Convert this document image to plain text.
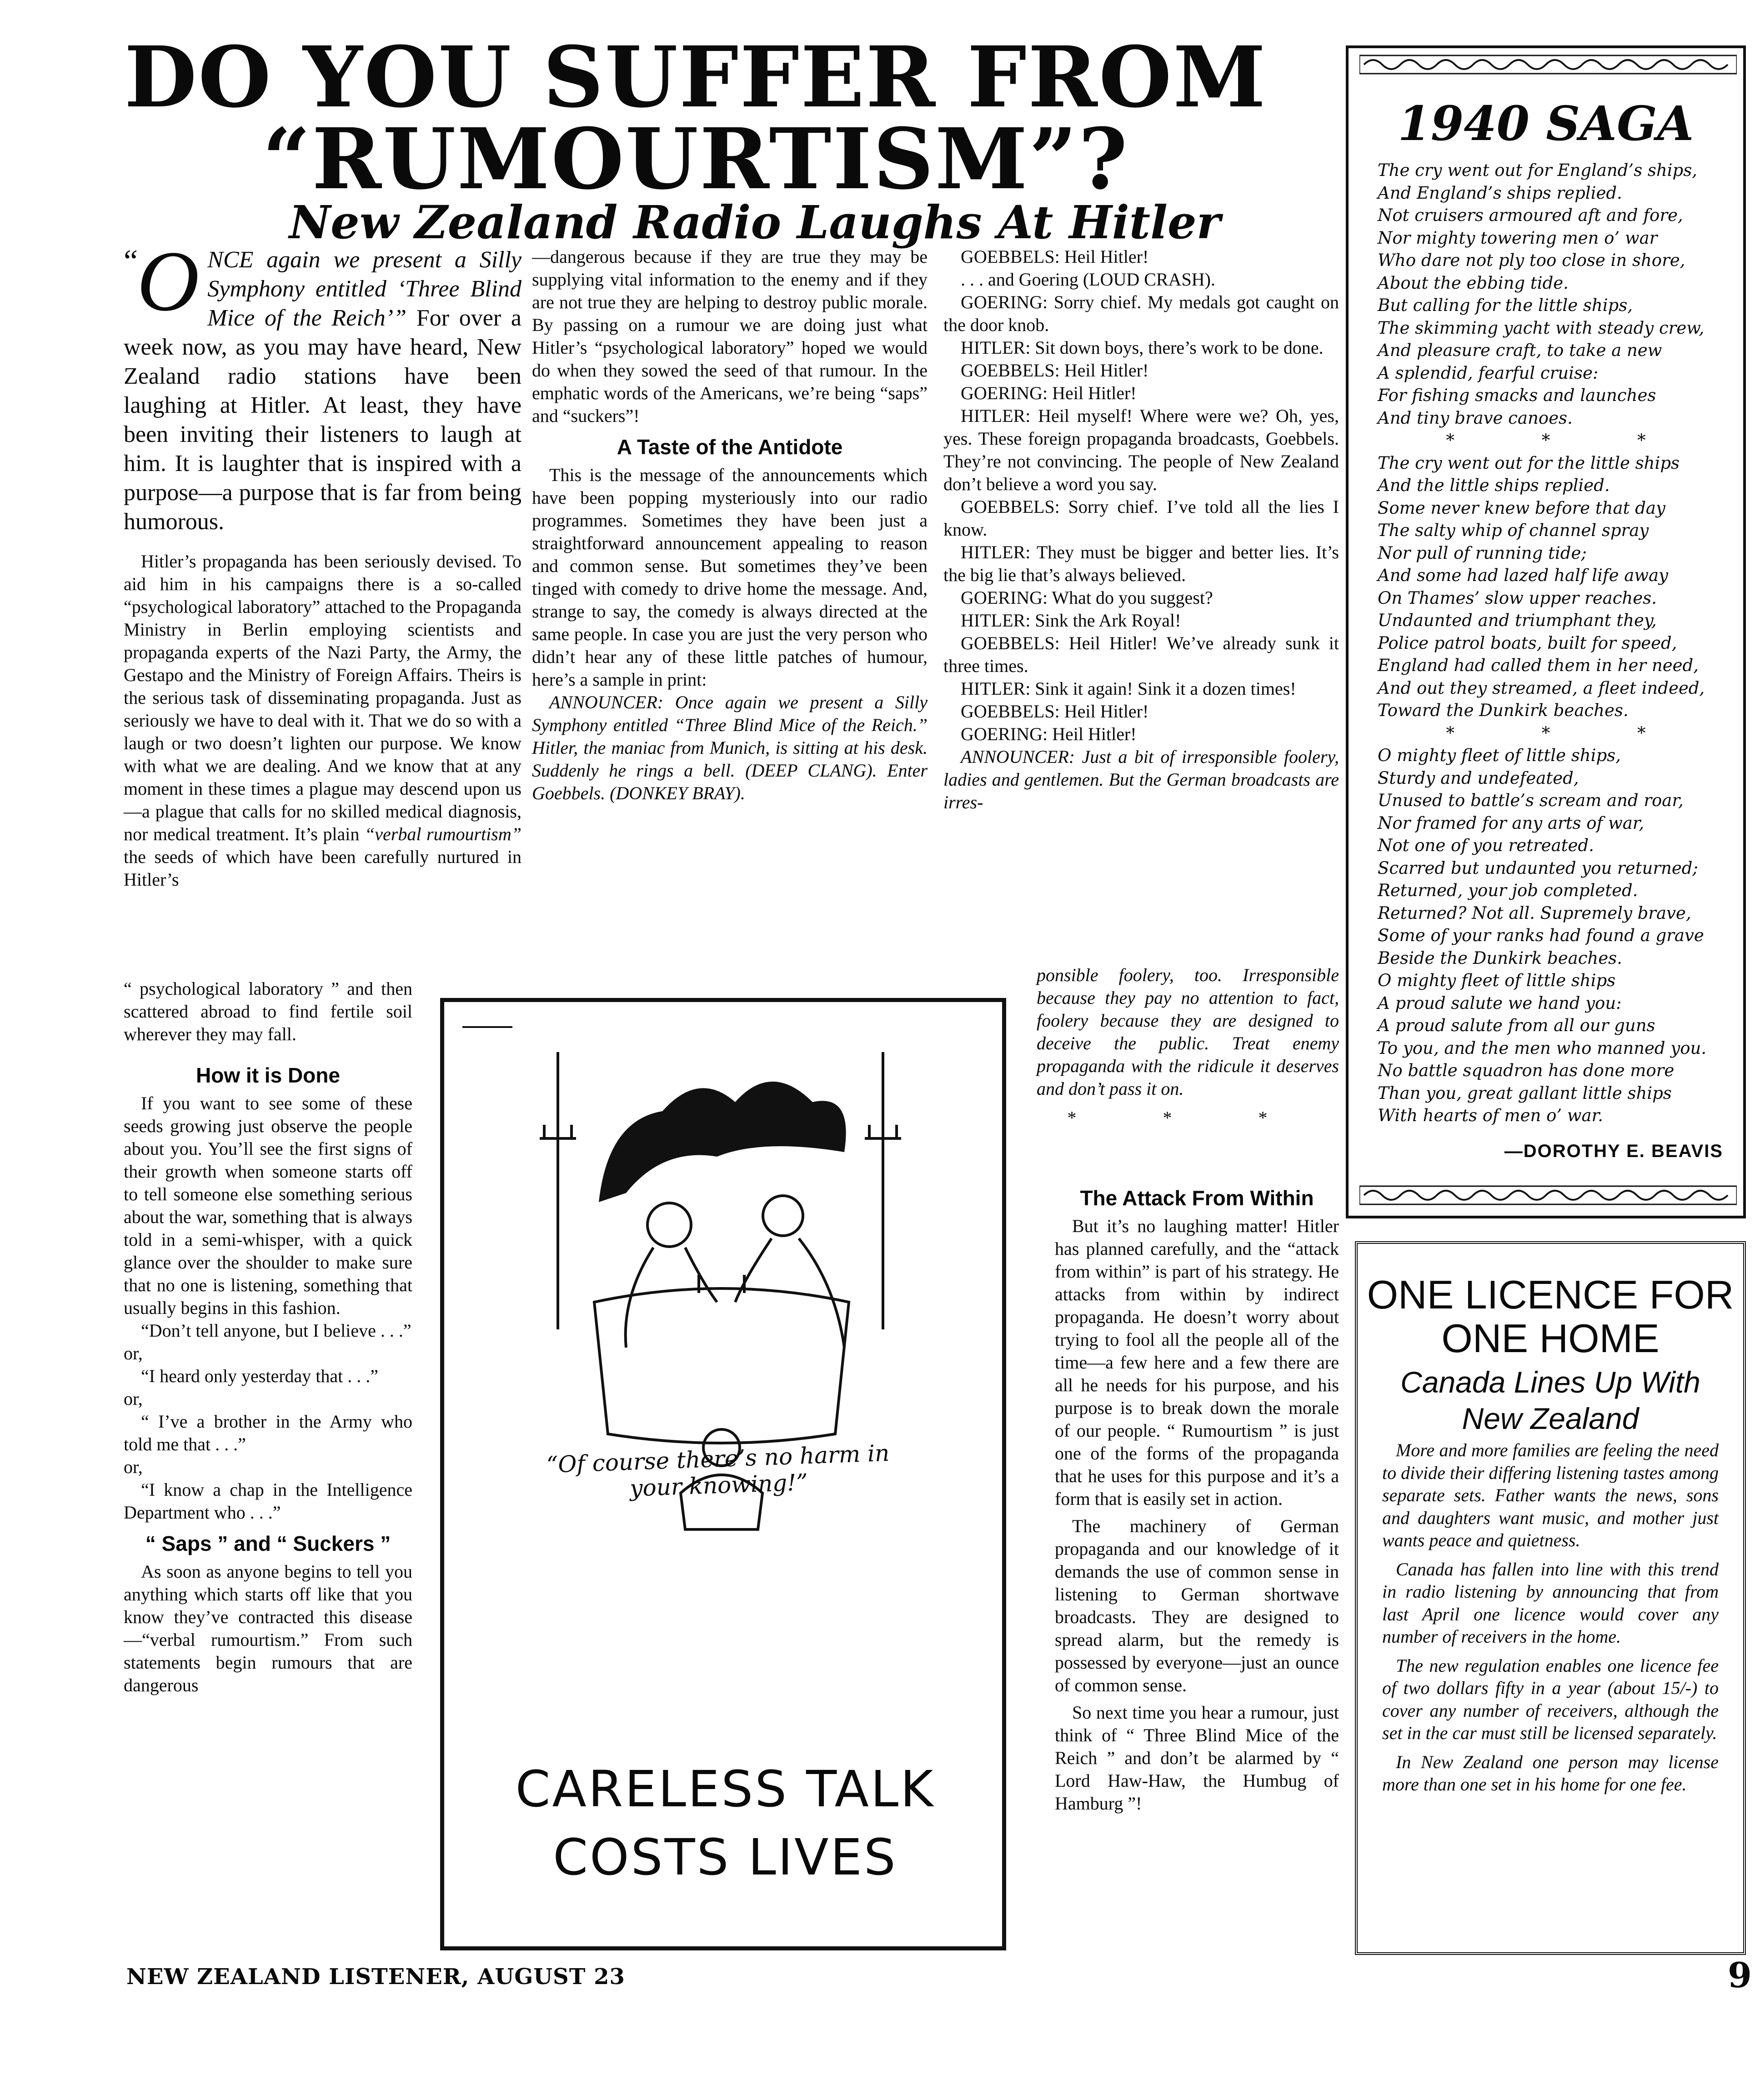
DO YOU SUFFER FROM “RUMOURTISM”?
New Zealand Radio Laughs At Hitler
“
O NCE again we present a Silly Symphony entitled ‘Three Blind Mice of the Reich’” For over a week now, as you may have heard, New Zealand radio stations have been laughing at Hitler. At least, they have been inviting their listeners to laugh at him. It is laughter that is inspired with a purpose—a purpose that is far from being humorous.

Hitler’s propaganda has been seriously devised. To aid him in his campaigns there is a so-called “psychological laboratory” attached to the Propaganda Ministry in Berlin employing scientists and propaganda experts of the Nazi Party, the Army, the Gestapo and the Ministry of Foreign Affairs. Theirs is the serious task of disseminating propaganda. Just as seriously we have to deal with it. That we do so with a laugh or two doesn’t lighten our purpose. We know with what we are dealing. And we know that at any moment in these times a plague may descend upon us—a plague that calls for no skilled medical diagnosis, nor medical treatment. It’s plain “verbal rumourtism” the seeds of which have been carefully nurtured in Hitler’s

“ psychological laboratory ” and then scattered abroad to find fertile soil wherever they may fall.

How it is Done

If you want to see some of these seeds growing just observe the people about you. You’ll see the first signs of their growth when someone starts off to tell someone else something serious about the war, something that is always told in a semi-whisper, with a quick glance over the shoulder to make sure that no one is listening, something that usually begins in this fashion.

“Don’t tell anyone, but I believe . . .”

or,

“I heard only yesterday that . . .”

or,

“ I’ve a brother in the Army who told me that . . .”

or,

“I know a chap in the Intelligence Department who . . .”

“ Saps ” and “ Suckers ”

As soon as anyone begins to tell you anything which starts off like that you know they’ve contracted this disease —“verbal rumourtism.” From such statements begin rumours that are dangerous

—dangerous because if they are true they may be supplying vital information to the enemy and if they are not true they are helping to destroy public morale. By passing on a rumour we are doing just what Hitler’s “psychological laboratory” hoped we would do when they sowed the seed of that rumour. In the emphatic words of the Americans, we’re being “saps” and “suckers”!

A Taste of the Antidote

This is the message of the announcements which have been popping mysteriously into our radio programmes. Sometimes they have been just a straightforward announcement appealing to reason and common sense. But sometimes they’ve been tinged with comedy to drive home the message. And, strange to say, the comedy is always directed at the same people. In case you are just the very person who didn’t hear any of these little patches of humour, here’s a sample in print:

ANNOUNCER: Once again we present a Silly Symphony entitled “Three Blind Mice of the Reich.” Hitler, the maniac from Munich, is sitting at his desk. Suddenly he rings a bell. (DEEP CLANG). Enter Goebbels. (DONKEY BRAY).

GOEBBELS: Heil Hitler!

. . . and Goering (LOUD CRASH).

GOERING: Sorry chief. My medals got caught on the door knob.

HITLER: Sit down boys, there’s work to be done.

GOEBBELS: Heil Hitler!

GOERING: Heil Hitler!

HITLER: Heil myself! Where were we? Oh, yes, yes. These foreign propaganda broadcasts, Goebbels. They’re not convincing. The people of New Zealand don’t believe a word you say.

GOEBBELS: Sorry chief. I’ve told all the lies I know.

HITLER: They must be bigger and better lies. It’s the big lie that’s always believed.

GOERING: What do you suggest?

HITLER: Sink the Ark Royal!

GOEBBELS: Heil Hitler! We’ve already sunk it three times.

HITLER: Sink it again! Sink it a dozen times!

GOEBBELS: Heil Hitler!

GOERING: Heil Hitler!

ANNOUNCER: Just a bit of irresponsible foolery, ladies and gentlemen. But the German broadcasts are irres-

ponsible foolery, too. Irresponsible because they pay no attention to fact, foolery because they are designed to deceive the public. Treat enemy propaganda with the ridicule it deserves and don’t pass it on.

* * *
The Attack From Within

But it’s no laughing matter! Hitler has planned carefully, and the “attack from within” is part of his strategy. He attacks from within by indirect propaganda. He doesn’t worry about trying to fool all the people all of the time—a few here and a few there are all he needs for his purpose, and his purpose is to break down the morale of our people. “ Rumourtism ” is just one of the forms of the propaganda that he uses for this purpose and it’s a form that is easily set in action.

The machinery of German propaganda and our knowledge of it demands the use of common sense in listening to German shortwave broadcasts. They are designed to spread alarm, but the remedy is possessed by everyone—just an ounce of common sense.

So next time you hear a rumour, just think of “ Three Blind Mice of the Reich ” and don’t be alarmed by “ Lord Haw-Haw, the Humbug of Hamburg ”!

“Of course there’s no harm in your knowing!”
CARELESS TALK
COSTS LIVES
1940 SAGA
The cry went out for England’s ships,
And England’s ships replied.
Not cruisers armoured aft and fore,
Nor mighty towering men o’ war
Who dare not ply too close in shore,
About the ebbing tide.
But calling for the little ships,
The skimming yacht with steady crew,
And pleasure craft, to take a new
A splendid, fearful cruise:
For fishing smacks and launches
And tiny brave canoes.
* * *
The cry went out for the little ships
And the little ships replied.
Some never knew before that day
The salty whip of channel spray
Nor pull of running tide;
And some had lazed half life away
On Thames’ slow upper reaches.
Undaunted and triumphant they,
Police patrol boats, built for speed,
England had called them in her need,
And out they streamed, a fleet indeed,
Toward the Dunkirk beaches.
* * *
O mighty fleet of little ships,
Sturdy and undefeated,
Unused to battle’s scream and roar,
Nor framed for any arts of war,
Not one of you retreated.
Scarred but undaunted you returned;
Returned, your job completed.
Returned? Not all. Supremely brave,
Some of your ranks had found a grave
Beside the Dunkirk beaches.
O mighty fleet of little ships
A proud salute we hand you:
A proud salute from all our guns
To you, and the men who manned you.
No battle squadron has done more
Than you, great gallant little ships
With hearts of men o’ war.
—DOROTHY E. BEAVIS
ONE LICENCE FOR
ONE HOME
Canada Lines Up With
New Zealand

More and more families are feeling the need to divide their differing listening tastes among separate sets. Father wants the news, sons and daughters want music, and mother just wants peace and quietness.

Canada has fallen into line with this trend in radio listening by announcing that from last April one licence would cover any number of receivers in the home.

The new regulation enables one licence fee of two dollars fifty in a year (about 15/-) to cover any number of receivers, although the set in the car must still be licensed separately.

In New Zealand one person may license more than one set in his home for one fee.

NEW ZEALAND LISTENER, AUGUST 23	9
